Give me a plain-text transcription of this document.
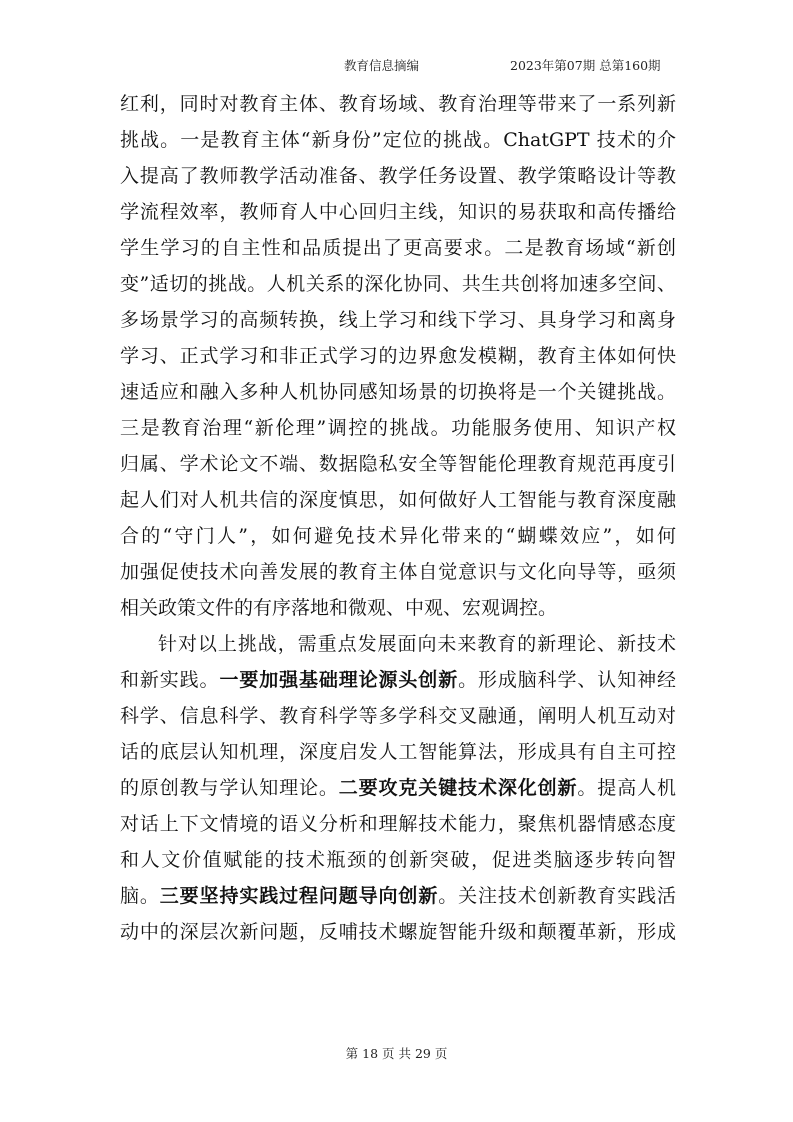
教育信息摘编	2023年第07期 总第160期
红利，同时对教育主体、教育场域、教育治理等带来了一系列新
挑战。一是教育主体“新身份”定位的挑战。ChatGPT 技术的介
入提高了教师教学活动准备、教学任务设置、教学策略设计等教
学流程效率，教师育人中心回归主线，知识的易获取和高传播给
学生学习的自主性和品质提出了更高要求。二是教育场域“新创
变”适切的挑战。人机关系的深化协同、共生共创将加速多空间、
多场景学习的高频转换，线上学习和线下学习、具身学习和离身
学习、正式学习和非正式学习的边界愈发模糊，教育主体如何快
速适应和融入多种人机协同感知场景的切换将是一个关键挑战。
三是教育治理“新伦理”调控的挑战。功能服务使用、知识产权
归属、学术论文不端、数据隐私安全等智能伦理教育规范再度引
起人们对人机共信的深度慎思，如何做好人工智能与教育深度融
合的“守门人”，如何避免技术异化带来的“蝴蝶效应”，如何
加强促使技术向善发展的教育主体自觉意识与文化向导等，亟须
相关政策文件的有序落地和微观、中观、宏观调控。
针对以上挑战，需重点发展面向未来教育的新理论、新技术
和新实践。一要加强基础理论源头创新。形成脑科学、认知神经
科学、信息科学、教育科学等多学科交叉融通，阐明人机互动对
话的底层认知机理，深度启发人工智能算法，形成具有自主可控
的原创教与学认知理论。二要攻克关键技术深化创新。提高人机
对话上下文情境的语义分析和理解技术能力，聚焦机器情感态度
和人文价值赋能的技术瓶颈的创新突破，促进类脑逐步转向智
脑。三要坚持实践过程问题导向创新。关注技术创新教育实践活
动中的深层次新问题，反哺技术螺旋智能升级和颠覆革新，形成
第 18 页 共 29 页
